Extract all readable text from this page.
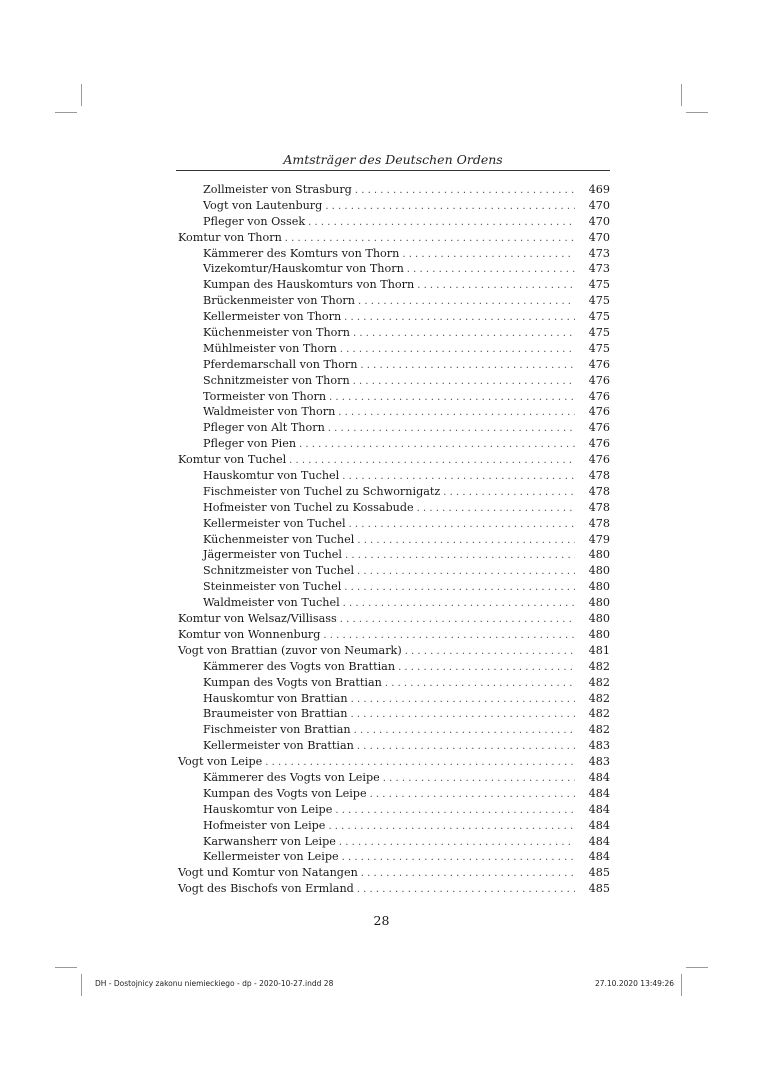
Amtsträger des Deutschen Ordens
Zollmeister von Strasburg . . .	469
Vogt von Lautenburg . . .	470
Pfleger von Ossek . . .	470
Komtur von Thorn . . .	470
Kämmerer des Komturs von Thorn . . .	473
Vizekomtur/Hauskomtur von Thorn . . .	473
Kumpan des Hauskomturs von Thorn . . .	475
Brückenmeister von Thorn . . .	475
Kellermeister von Thorn . . .	475
Küchenmeister von Thorn . . .	475
Mühlmeister von Thorn . . .	475
Pferdemarschall von Thorn . . .	476
Schnitzmeister von Thorn . . .	476
Tormeister von Thorn . . .	476
Waldmeister von Thorn . . .	476
Pfleger von Alt Thorn . . .	476
Pfleger von Pien . . .	476
Komtur von Tuchel . . .	476
Hauskomtur von Tuchel . . .	478
Fischmeister von Tuchel zu Schwornigatz . . .	478
Hofmeister von Tuchel zu Kossabude . . .	478
Kellermeister von Tuchel . . .	478
Küchenmeister von Tuchel . . .	479
Jägermeister von Tuchel . . .	480
Schnitzmeister von Tuchel . . .	480
Steinmeister von Tuchel . . .	480
Waldmeister von Tuchel . . .	480
Komtur von Welsaz/Villisass . . .	480
Komtur von Wonnenburg . . .	480
Vogt von Brattian (zuvor von Neumark) . . .	481
Kämmerer des Vogts von Brattian . . .	482
Kumpan des Vogts von Brattian . . .	482
Hauskomtur von Brattian . . .	482
Braumeister von Brattian . . .	482
Fischmeister von Brattian . . .	482
Kellermeister von Brattian . . .	483
Vogt von Leipe . . .	483
Kämmerer des Vogts von Leipe . . .	484
Kumpan des Vogts von Leipe . . .	484
Hauskomtur von Leipe . . .	484
Hofmeister von Leipe . . .	484
Karwansherr von Leipe . . .	484
Kellermeister von Leipe . . .	484
Vogt und Komtur von Natangen . . .	485
Vogt des Bischofs von Ermland . . .	485
28
DH - Dostojnicy zakonu niemieckiego - dp - 2020-10-27.indd 28	27.10.2020 13:49:26
